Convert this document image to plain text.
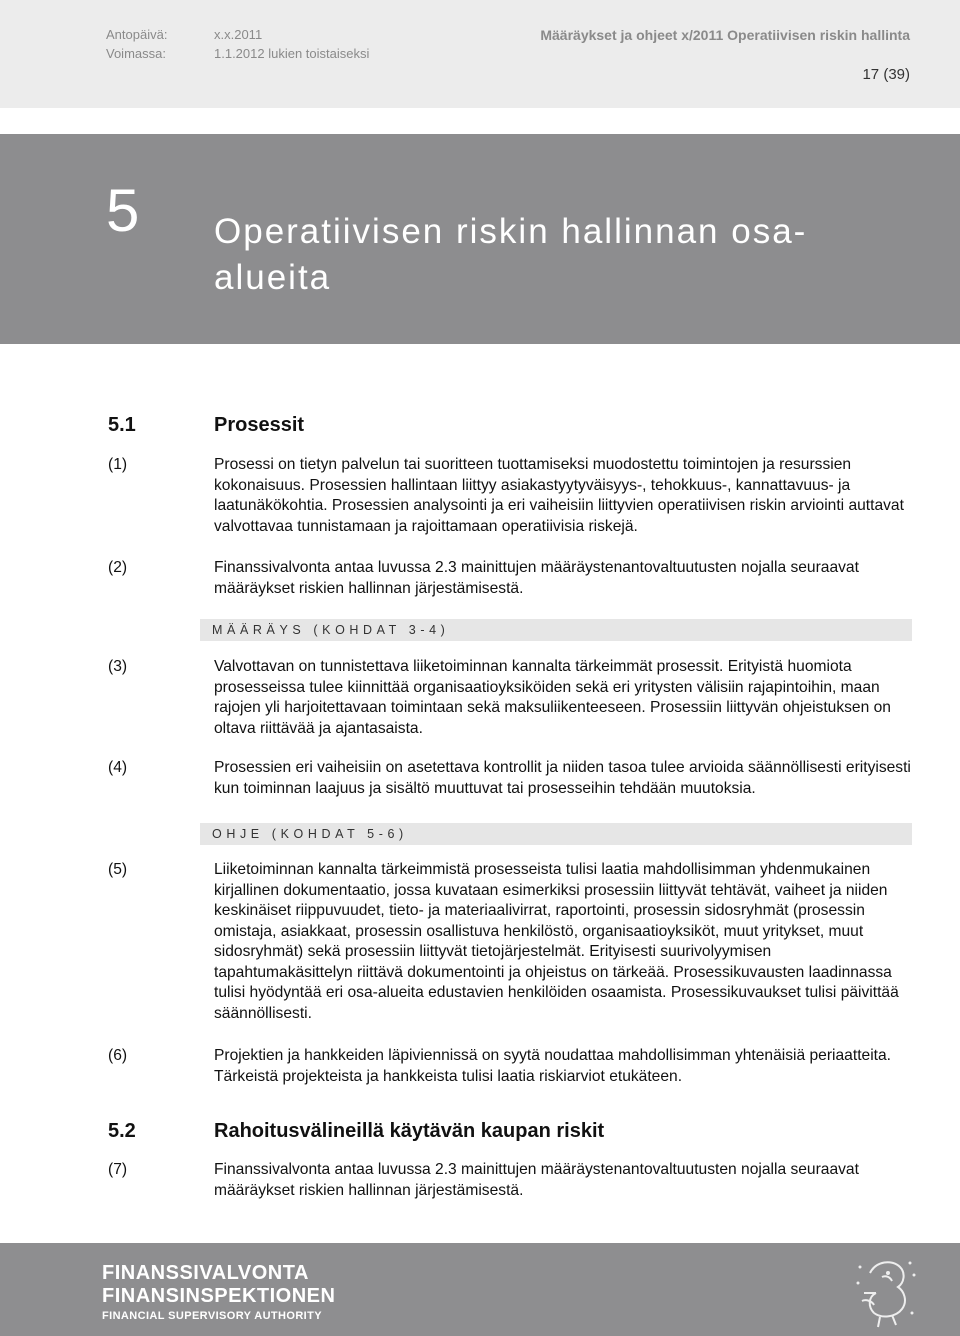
Antopäivä:	x.x.2011
Voimassa:	1.1.2012 lukien toistaiseksi
Määräykset ja ohjeet x/2011 Operatiivisen riskin hallinta
17 (39)
5 Operatiivisen riskin hallinnan osa-alueita
5.1	Prosessit
(1)	Prosessi on tietyn palvelun tai suoritteen tuottamiseksi muodostettu toimintojen ja resurssien kokonaisuus. Prosessien hallintaan liittyy asiakastyytyväisyys-, tehokkuus-, kannattavuus- ja laatunäkökohtia. Prosessien analysointi ja eri vaiheisiin liittyvien operatiivisen riskin arviointi auttavat valvottavaa tunnistamaan ja rajoittamaan operatiivisia riskejä.
(2)	Finanssivalvonta antaa luvussa 2.3 mainittujen määräystenantovaltuutusten nojalla seuraavat määräykset riskien hallinnan järjestämisestä.
MÄÄRÄYS (KOHDAT 3-4)
(3)	Valvottavan on tunnistettava liiketoiminnan kannalta tärkeimmät prosessit. Erityistä huomiota prosesseissa tulee kiinnittää organisaatioyksiköiden sekä eri yritysten välisiin rajapintoihin, maan rajojen yli harjoitettavaan toimintaan sekä maksuliikenteeseen. Prosessiin liittyvän ohjeistuksen on oltava riittävää ja ajantasaista.
(4)	Prosessien eri vaiheisiin on asetettava kontrollit ja niiden tasoa tulee arvioida säännöllisesti erityisesti kun toiminnan laajuus ja sisältö muuttuvat tai prosesseihin tehdään muutoksia.
OHJE (KOHDAT 5-6)
(5)	Liiketoiminnan kannalta tärkeimmistä prosesseista tulisi laatia mahdollisimman yhdenmukainen kirjallinen dokumentaatio, jossa kuvataan esimerkiksi prosessiin liittyvät tehtävät, vaiheet ja niiden keskinäiset riippuvuudet, tieto- ja materiaalivirrat, raportointi, prosessin sidosryhmät (prosessin omistaja, asiakkaat, prosessin osallistuva henkilöstö, organisaatioyksiköt, muut yritykset, muut sidosryhmät) sekä prosessiin liittyvät tietojärjestelmät. Erityisesti suurivolyymisen tapahtumakäsittelyn riittävä dokumentointi ja ohjeistus on tärkeää. Prosessikuvausten laadinnassa tulisi hyödyntää eri osa-alueita edustavien henkilöiden osaamista. Prosessikuvaukset tulisi päivittää säännöllisesti.
(6)	Projektien ja hankkeiden läpiviennissä on syytä noudattaa mahdollisimman yhtenäisiä periaatteita. Tärkeistä projekteista ja hankkeista tulisi laatia riskiarviot etukäteen.
5.2	Rahoitusvälineillä käytävän kaupan riskit
(7)	Finanssivalvonta antaa luvussa 2.3 mainittujen määräystenantovaltuutusten nojalla seuraavat määräykset riskien hallinnan järjestämisestä.
FINANSSIVALVONTA
FINANSINSPEKTIONEN
FINANCIAL SUPERVISORY AUTHORITY
